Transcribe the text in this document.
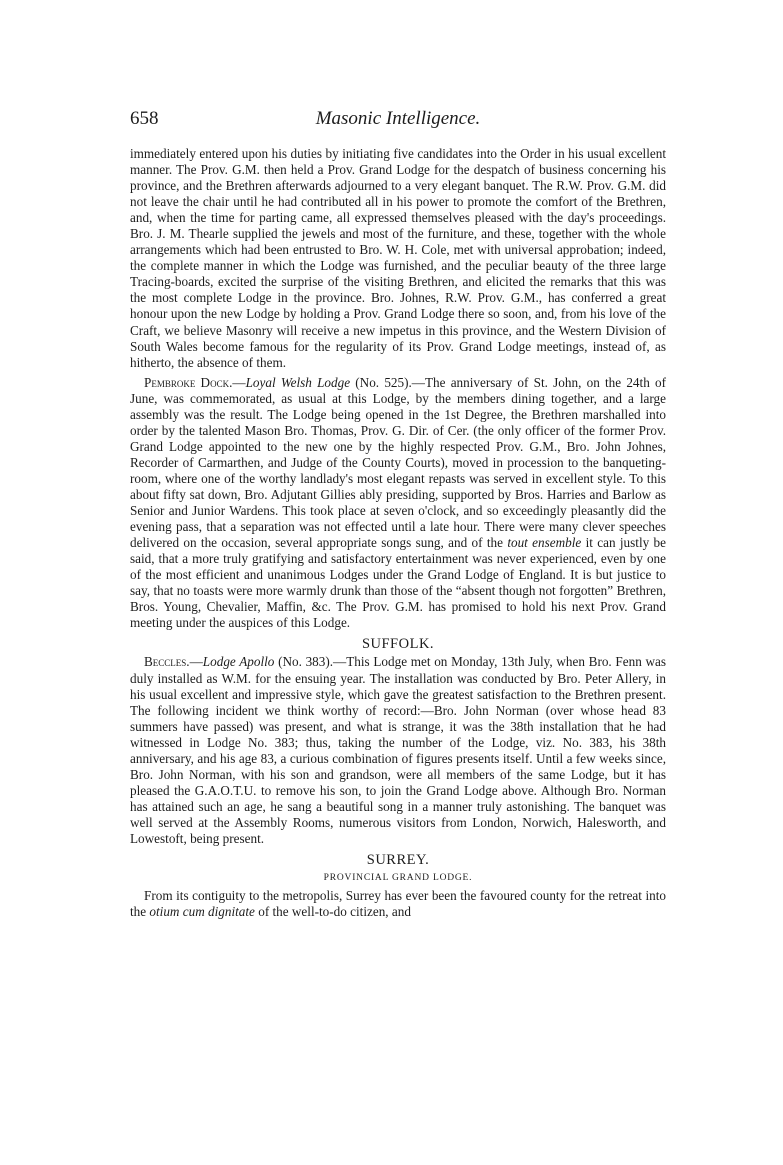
658	Masonic Intelligence.

immediately entered upon his duties by initiating five candidates into the Order in his usual excellent manner. The Prov. G.M. then held a Prov. Grand Lodge for the despatch of business concerning his province, and the Brethren afterwards adjourned to a very elegant banquet. The R.W. Prov. G.M. did not leave the chair until he had contributed all in his power to promote the comfort of the Brethren, and, when the time for parting came, all expressed themselves pleased with the day's proceedings. Bro. J. M. Thearle supplied the jewels and most of the furniture, and these, together with the whole arrangements which had been entrusted to Bro. W. H. Cole, met with universal approbation; indeed, the complete manner in which the Lodge was furnished, and the peculiar beauty of the three large Tracing-boards, excited the surprise of the visiting Brethren, and elicited the remarks that this was the most complete Lodge in the province. Bro. Johnes, R.W. Prov. G.M., has conferred a great honour upon the new Lodge by holding a Prov. Grand Lodge there so soon, and, from his love of the Craft, we believe Masonry will receive a new impetus in this province, and the Western Division of South Wales become famous for the regularity of its Prov. Grand Lodge meetings, instead of, as hitherto, the absence of them.

Pembroke Dock.—Loyal Welsh Lodge (No. 525).—The anniversary of St. John, on the 24th of June, was commemorated, as usual at this Lodge, by the members dining together, and a large assembly was the result. The Lodge being opened in the 1st Degree, the Brethren marshalled into order by the talented Mason Bro. Thomas, Prov. G. Dir. of Cer. (the only officer of the former Prov. Grand Lodge appointed to the new one by the highly respected Prov. G.M., Bro. John Johnes, Recorder of Carmarthen, and Judge of the County Courts), moved in procession to the banqueting-room, where one of the worthy landlady's most elegant repasts was served in excellent style. To this about fifty sat down, Bro. Adjutant Gillies ably presiding, supported by Bros. Harries and Barlow as Senior and Junior Wardens. This took place at seven o'clock, and so exceedingly pleasantly did the evening pass, that a separation was not effected until a late hour. There were many clever speeches delivered on the occasion, several appropriate songs sung, and of the tout ensemble it can justly be said, that a more truly gratifying and satisfactory entertainment was never experienced, even by one of the most efficient and unanimous Lodges under the Grand Lodge of England. It is but justice to say, that no toasts were more warmly drunk than those of the “absent though not forgotten” Brethren, Bros. Young, Chevalier, Maffin, &c. The Prov. G.M. has promised to hold his next Prov. Grand meeting under the auspices of this Lodge.

SUFFOLK.

Beccles.—Lodge Apollo (No. 383).—This Lodge met on Monday, 13th July, when Bro. Fenn was duly installed as W.M. for the ensuing year. The installation was conducted by Bro. Peter Allery, in his usual excellent and impressive style, which gave the greatest satisfaction to the Brethren present. The following incident we think worthy of record:—Bro. John Norman (over whose head 83 summers have passed) was present, and what is strange, it was the 38th installation that he had witnessed in Lodge No. 383; thus, taking the number of the Lodge, viz. No. 383, his 38th anniversary, and his age 83, a curious combination of figures presents itself. Until a few weeks since, Bro. John Norman, with his son and grandson, were all members of the same Lodge, but it has pleased the G.A.O.T.U. to remove his son, to join the Grand Lodge above. Although Bro. Norman has attained such an age, he sang a beautiful song in a manner truly astonishing. The banquet was well served at the Assembly Rooms, numerous visitors from London, Norwich, Halesworth, and Lowestoft, being present.

SURREY.
PROVINCIAL GRAND LODGE.

From its contiguity to the metropolis, Surrey has ever been the favoured county for the retreat into the otium cum dignitate of the well-to-do citizen, and
